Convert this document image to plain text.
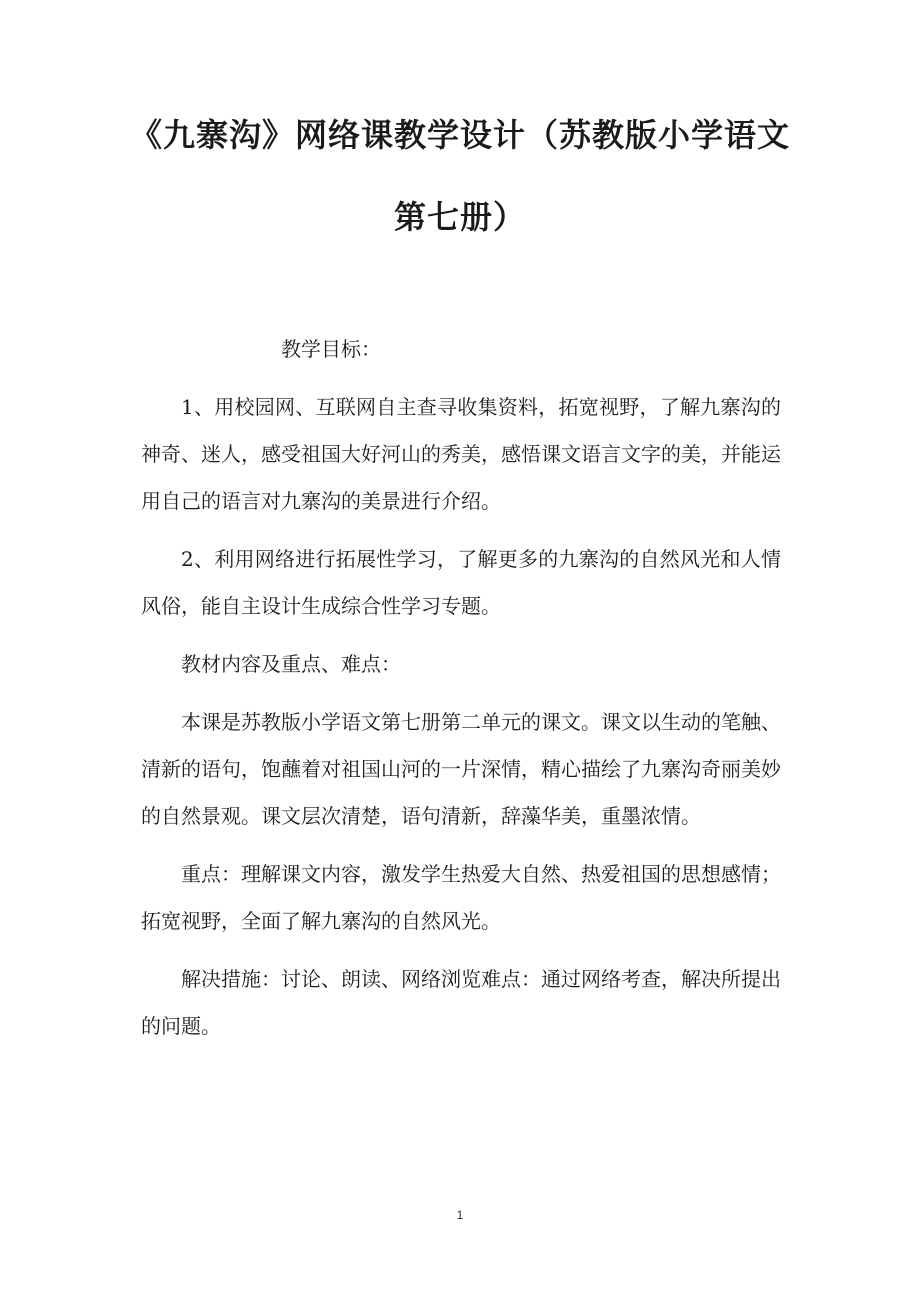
《九寨沟》网络课教学设计（苏教版小学语文
第七册）

教学目标：

1、用校园网、互联网自主查寻收集资料，拓宽视野，了解九寨沟的神奇、迷人，感受祖国大好河山的秀美，感悟课文语言文字的美，并能运用自己的语言对九寨沟的美景进行介绍。

2、利用网络进行拓展性学习，了解更多的九寨沟的自然风光和人情风俗，能自主设计生成综合性学习专题。

教材内容及重点、难点：

本课是苏教版小学语文第七册第二单元的课文。课文以生动的笔触、清新的语句，饱蘸着对祖国山河的一片深情，精心描绘了九寨沟奇丽美妙的自然景观。课文层次清楚，语句清新，辞藻华美，重墨浓情。

重点：理解课文内容，激发学生热爱大自然、热爱祖国的思想感情；拓宽视野，全面了解九寨沟的自然风光。

解决措施：讨论、朗读、网络浏览难点：通过网络考查，解决所提出的问题。

1
